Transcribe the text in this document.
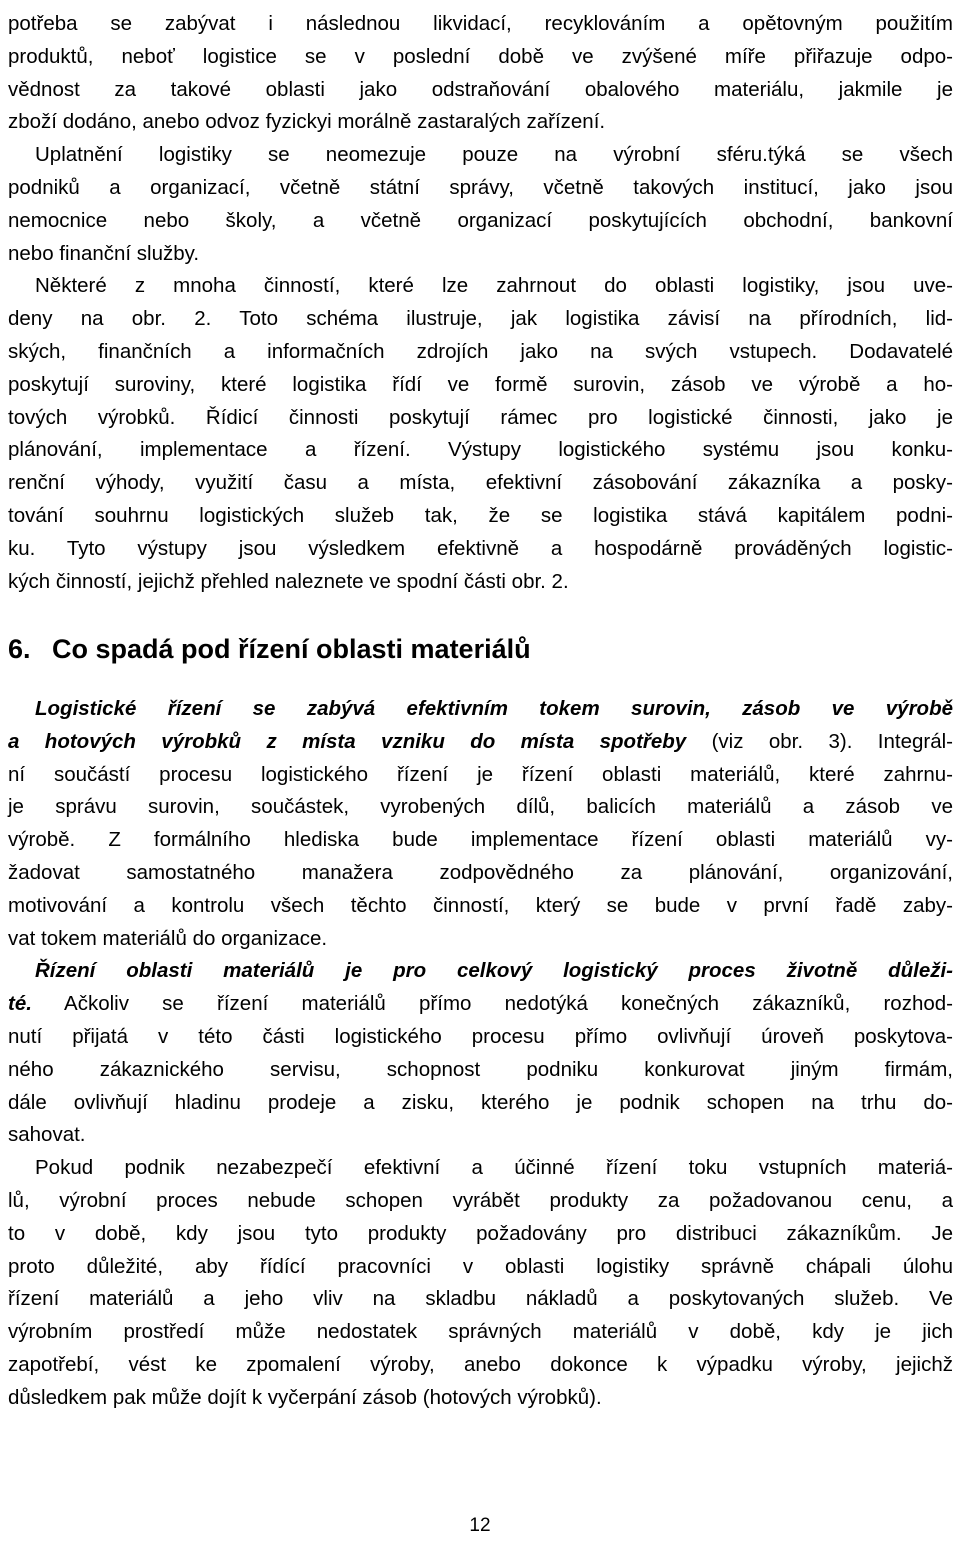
potřeba se zabývat i následnou likvidací, recyklováním a opětovným použitím
produktů, neboť logistice se v poslední době ve zvýšené míře přiřazuje odpo-
vědnost za takové oblasti jako odstraňování obalového materiálu, jakmile je
zboží dodáno, anebo odvoz fyzickyi morálně zastaralých zařízení.
Uplatnění logistiky se neomezuje pouze na výrobní sféru.týká se všech
podniků a organizací, včetně státní správy, včetně takových institucí, jako jsou
nemocnice nebo školy, a včetně organizací poskytujících obchodní, bankovní
nebo finanční služby.
Některé z mnoha činností, které lze zahrnout do oblasti logistiky, jsou uve-
deny na obr. 2. Toto schéma ilustruje, jak logistika závisí na přírodních, lid-
ských, finančních a informačních zdrojích jako na svých vstupech. Dodavatelé
poskytují suroviny, které logistika řídí ve formě surovin, zásob ve výrobě a ho-
tových výrobků. Řídicí činnosti poskytují rámec pro logistické činnosti, jako je
plánování, implementace a řízení. Výstupy logistického systému jsou konku-
renční výhody, využití času a místa, efektivní zásobování zákazníka a posky-
tování souhrnu logistických služeb tak, že se logistika stává kapitálem podni-
ku. Tyto výstupy jsou výsledkem efektivně a hospodárně prováděných logistic-
kých činností, jejichž přehled naleznete ve spodní části obr. 2.
6. Co spadá pod řízení oblasti materiálů
Logistické řízení se zabývá efektivním tokem surovin, zásob ve výrobě
a hotových výrobků z místa vzniku do místa spotřeby (viz obr. 3). Integrál-
ní součástí procesu logistického řízení je řízení oblasti materiálů, které zahrnu-
je správu surovin, součástek, vyrobených dílů, balicích materiálů a zásob ve
výrobě. Z formálního hlediska bude implementace řízení oblasti materiálů vy-
žadovat samostatného manažera zodpovědného za plánování, organizování,
motivování a kontrolu všech těchto činností, který se bude v první řadě zaby-
vat tokem materiálů do organizace.
Řízení oblasti materiálů je pro celkový logistický proces životně důleži-
té. Ačkoliv se řízení materiálů přímo nedotýká konečných zákazníků, rozhod-
nutí přijatá v této části logistického procesu přímo ovlivňují úroveň poskytova-
ného zákaznického servisu, schopnost podniku konkurovat jiným firmám,
dále ovlivňují hladinu prodeje a zisku, kterého je podnik schopen na trhu do-
sahovat.
Pokud podnik nezabezpečí efektivní a účinné řízení toku vstupních materiá-
lů, výrobní proces nebude schopen vyrábět produkty za požadovanou cenu, a
to v době, kdy jsou tyto produkty požadovány pro distribuci zákazníkům. Je
proto důležité, aby řídící pracovníci v oblasti logistiky správně chápali úlohu
řízení materiálů a jeho vliv na skladbu nákladů a poskytovaných služeb. Ve
výrobním prostředí může nedostatek správných materiálů v době, kdy je jich
zapotřebí, vést ke zpomalení výroby, anebo dokonce k výpadku výroby, jejichž
důsledkem pak může dojít k vyčerpání zásob (hotových výrobků).
12
